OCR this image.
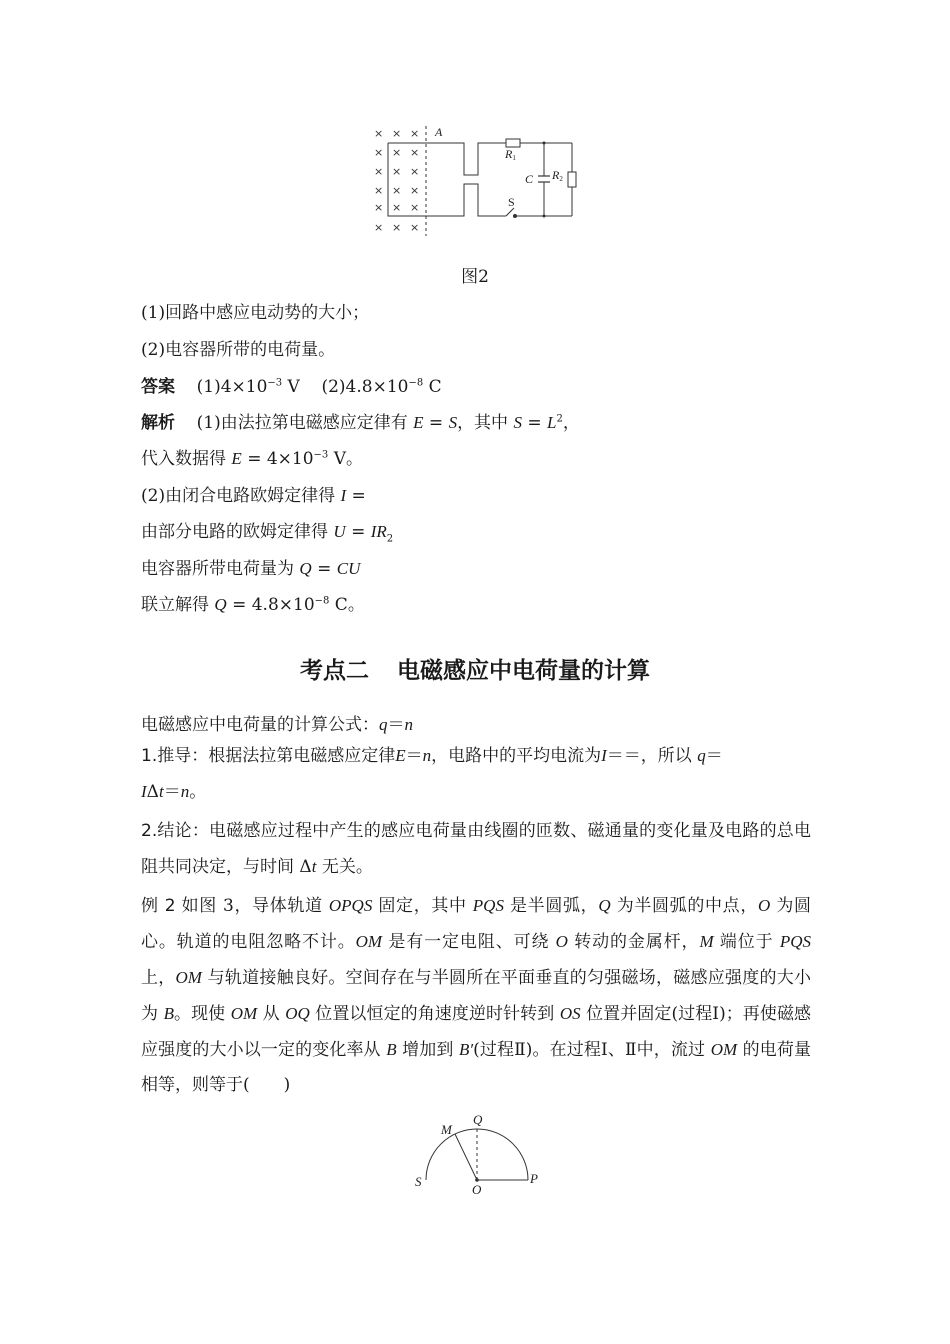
× × ×
× × ×
× × ×
× × ×
× × ×
× × ×
A
R1
C R2
S
图2
(1)回路中感应电动势的大小；
(2)电容器所带的电荷量。
答案 $(1)4\times 10^{-3}$ V $(2)4.8\times 10^{-8}$ C
解析 (1)由法拉第电磁感应定律有 E = S，其中 $S = L^2$，
代入数据得 $E = 4\times 10^{-3}$ V。
(2)由闭合电路欧姆定律得 I =
由部分电路的欧姆定律得 $U = IR_2$
电容器所带电荷量为 Q = CU
联立解得 $Q = 4.8\times 10^{-8}$ C。
考点二 电磁感应中电荷量的计算
电磁感应中电荷量的计算公式：q＝n
1.推导：根据法拉第电磁感应定律E＝n，电路中的平均电流为I＝＝，所以 q＝
IΔt＝n。
2.结论：电磁感应过程中产生的感应电荷量由线圈的匝数、磁通量的变化量及电路的总电阻共同决定，与时间 Δt 无关。
例 2 如图 3，导体轨道 OPQS 固定，其中 PQS 是半圆弧，Q 为半圆弧的中点，O 为圆心。轨道的电阻忽略不计。OM 是有一定电阻、可绕 O 转动的金属杆，M 端位于 PQS 上，OM 与轨道接触良好。空间存在与半圆所在平面垂直的匀强磁场，磁感应强度的大小为 B。现使 OM 从 OQ 位置以恒定的角速度逆时针转到 OS 位置并固定(过程Ⅰ)；再使磁感应强度的大小以一定的变化率从 B 增加到 B′(过程Ⅱ)。在过程Ⅰ、Ⅱ中，流过 OM 的电荷量相等，则等于(　　)
M
Q
S
O
P
